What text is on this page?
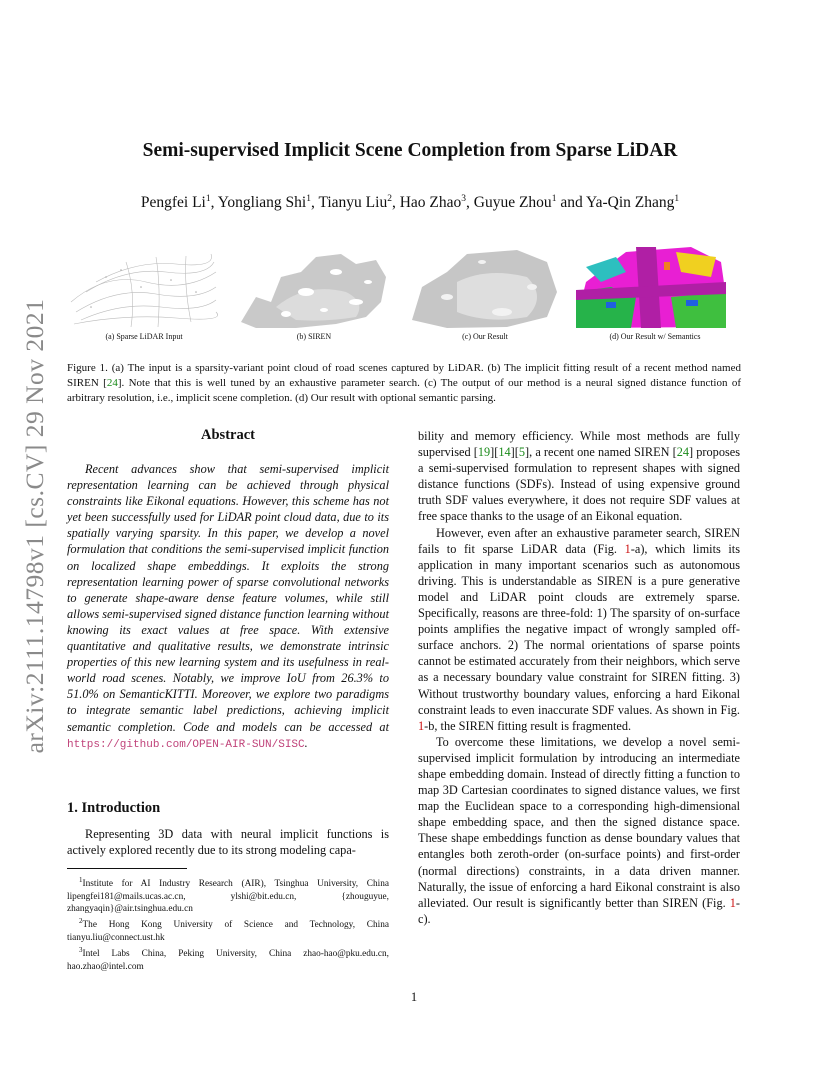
arXiv:2111.14798v1 [cs.CV] 29 Nov 2021
Semi-supervised Implicit Scene Completion from Sparse LiDAR
Pengfei Li$^1$, Yongliang Shi$^1$, Tianyu Liu$^2$, Hao Zhao$^3$, Guyue Zhou$^1$ and Ya-Qin Zhang$^1$
(a) Sparse LiDAR Input	(b) SIREN	(c) Our Result	(d) Our Result w/ Semantics
Figure 1. (a) The input is a sparsity-variant point cloud of road scenes captured by LiDAR. (b) The implicit fitting result of a recent method named SIREN [24]. Note that this is well tuned by an exhaustive parameter search. (c) The output of our method is a neural signed distance function of arbitrary resolution, i.e., implicit scene completion. (d) Our result with optional semantic parsing.
Abstract

Recent advances show that semi-supervised implicit representation learning can be achieved through physical constraints like Eikonal equations. However, this scheme has not yet been successfully used for LiDAR point cloud data, due to its spatially varying sparsity. In this paper, we develop a novel formulation that conditions the semi-supervised implicit function on localized shape embeddings. It exploits the strong representation learning power of sparse convolutional networks to generate shape-aware dense feature volumes, while still allows semi-supervised signed distance function learning without knowing its exact values at free space. With extensive quantitative and qualitative results, we demonstrate intrinsic properties of this new learning system and its usefulness in real-world road scenes. Notably, we improve IoU from 26.3% to 51.0% on SemanticKITTI. Moreover, we explore two paradigms to integrate semantic label predictions, achieving implicit semantic completion. Code and models can be accessed at https://github.com/OPEN-AIR-SUN/SISC.

1. Introduction

Representing 3D data with neural implicit functions is actively explored recently due to its strong modeling capa-

$^1$Institute for AI Industry Research (AIR), Tsinghua University, China lipengfei181@mails.ucas.ac.cn, ylshi@bit.edu.cn, {zhouguyue, zhangyaqin}@air.tsinghua.edu.cn

$^2$The Hong Kong University of Science and Technology, China tianyu.liu@connect.ust.hk

$^3$Intel Labs China, Peking University, China zhao-hao@pku.edu.cn, hao.zhao@intel.com

bility and memory efficiency. While most methods are fully supervised [19][14][5], a recent one named SIREN [24] proposes a semi-supervised formulation to represent shapes with signed distance functions (SDFs). Instead of using expensive ground truth SDF values everywhere, it does not require SDF values at free space thanks to the usage of an Eikonal equation.

However, even after an exhaustive parameter search, SIREN fails to fit sparse LiDAR data (Fig. 1-a), which limits its application in many important scenarios such as autonomous driving. This is understandable as SIREN is a pure generative model and LiDAR point clouds are extremely sparse. Specifically, reasons are three-fold: 1) The sparsity of on-surface points amplifies the negative impact of wrongly sampled off-surface anchors. 2) The normal orientations of sparse points cannot be estimated accurately from their neighbors, which serve as a necessary boundary value constraint for SIREN fitting. 3) Without trustworthy boundary values, enforcing a hard Eikonal constraint leads to even inaccurate SDF values. As shown in Fig. 1-b, the SIREN fitting result is fragmented.

To overcome these limitations, we develop a novel semi-supervised implicit formulation by introducing an intermediate shape embedding domain. Instead of directly fitting a function to map 3D Cartesian coordinates to signed distance values, we first map the Euclidean space to a corresponding high-dimensional shape embedding space, and then the signed distance space. These shape embeddings function as dense boundary values that entangles both zeroth-order (on-surface points) and first-order (normal directions) constraints, in a data driven manner. Naturally, the issue of enforcing a hard Eikonal constraint is also alleviated. Our result is significantly better than SIREN (Fig. 1-c).

1
